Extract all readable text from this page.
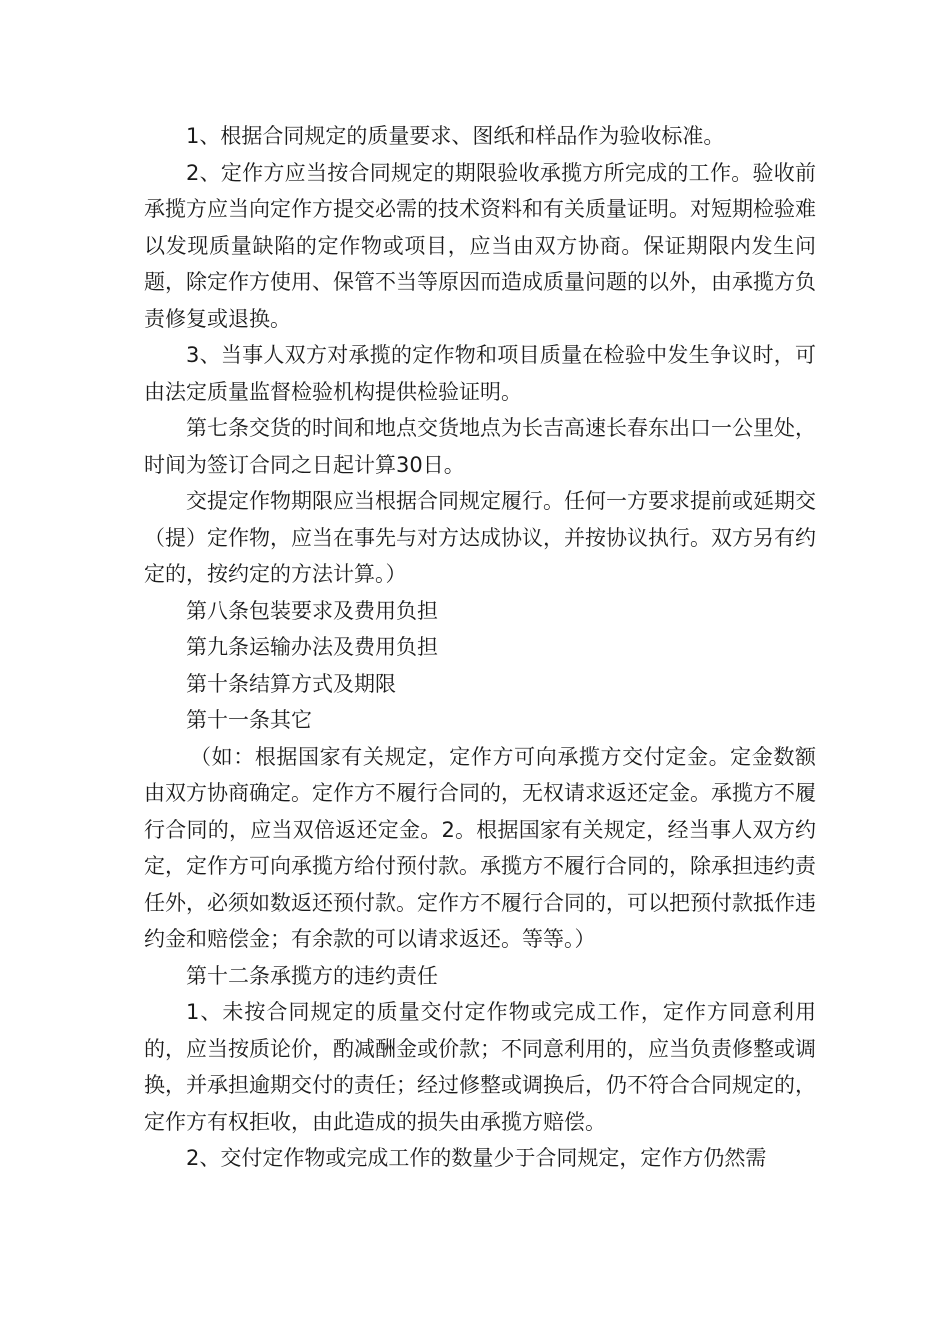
1、根据合同规定的质量要求、图纸和样品作为验收标准。

2、定作方应当按合同规定的期限验收承揽方所完成的工作。验收前承揽方应当向定作方提交必需的技术资料和有关质量证明。对短期检验难以发现质量缺陷的定作物或项目，应当由双方协商。保证期限内发生问题，除定作方使用、保管不当等原因而造成质量问题的以外，由承揽方负责修复或退换。

3、当事人双方对承揽的定作物和项目质量在检验中发生争议时，可由法定质量监督检验机构提供检验证明。

第七条交货的时间和地点交货地点为长吉高速长春东出口一公里处，时间为签订合同之日起计算30日。

交提定作物期限应当根据合同规定履行。任何一方要求提前或延期交（提）定作物，应当在事先与对方达成协议，并按协议执行。双方另有约定的，按约定的方法计算。）

第八条包装要求及费用负担

第九条运输办法及费用负担

第十条结算方式及期限

第十一条其它

（如：根据国家有关规定，定作方可向承揽方交付定金。定金数额由双方协商确定。定作方不履行合同的，无权请求返还定金。承揽方不履行合同的，应当双倍返还定金。2。根据国家有关规定，经当事人双方约定，定作方可向承揽方给付预付款。承揽方不履行合同的，除承担违约责任外，必须如数返还预付款。定作方不履行合同的，可以把预付款抵作违约金和赔偿金；有余款的可以请求返还。等等。）

第十二条承揽方的违约责任

1、未按合同规定的质量交付定作物或完成工作，定作方同意利用的，应当按质论价，酌减酬金或价款；不同意利用的，应当负责修整或调换，并承担逾期交付的责任；经过修整或调换后，仍不符合合同规定的，定作方有权拒收，由此造成的损失由承揽方赔偿。

2、交付定作物或完成工作的数量少于合同规定，定作方仍然需
